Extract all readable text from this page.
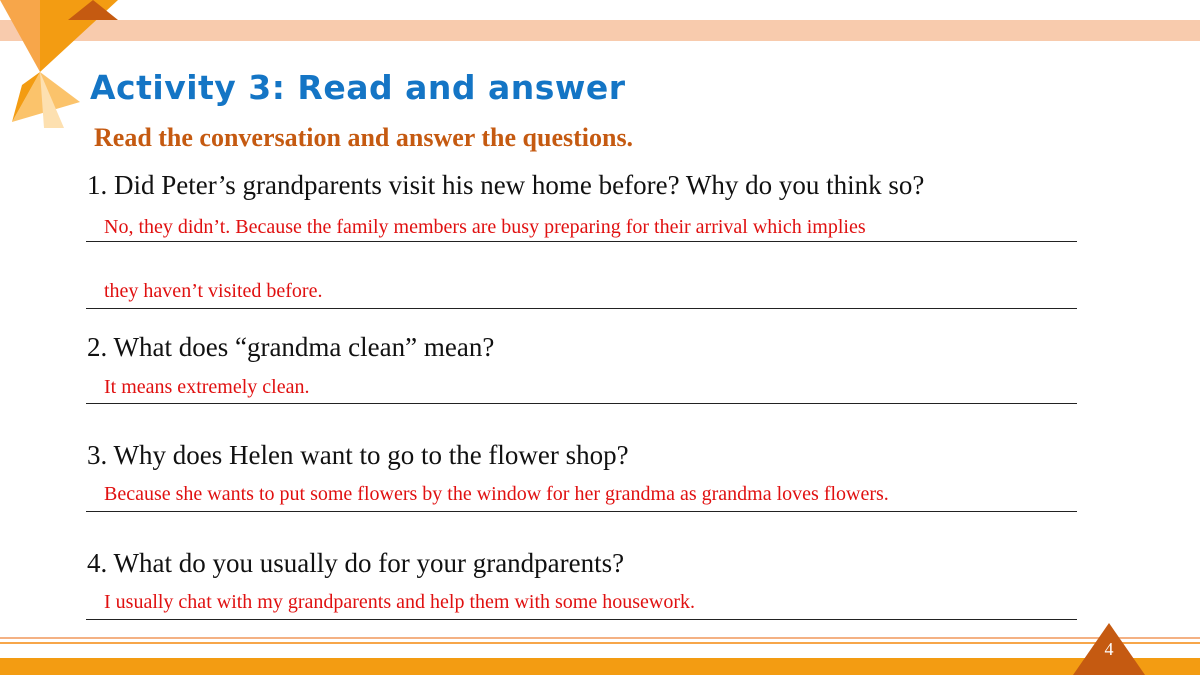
Activity 3: Read and answer
Read the conversation and answer the questions.
1. Did Peter’s grandparents visit his new home before? Why do you think so?
No, they didn’t. Because the family members are busy preparing for their arrival which implies
they haven’t visited before.
2. What does “grandma clean” mean?
It means extremely clean.
3. Why does Helen want to go to the flower shop?
Because she wants to put some flowers by the window for her grandma as grandma loves flowers.
4. What do you usually do for your grandparents?
I usually chat with my grandparents and help them with some housework.
4
